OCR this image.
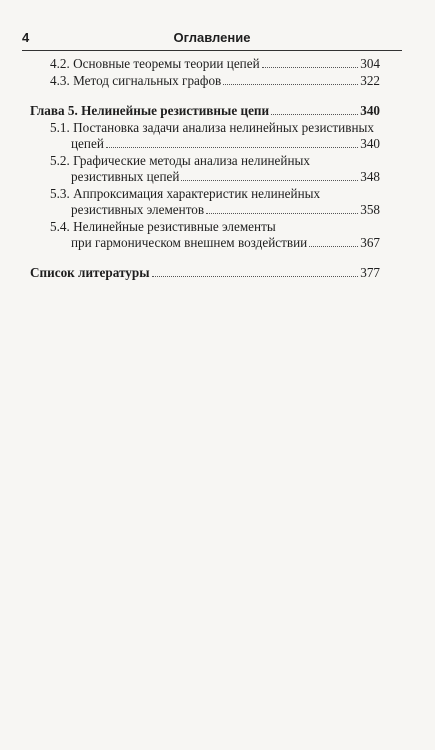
4	Оглавление
4.2. Основные теоремы теории цепей	304
4.3. Метод сигнальных графов	322
Глава 5. Нелинейные резистивные цепи	340
5.1. Постановка задачи анализа нелинейных резистивных
цепей	340
5.2. Графические методы анализа нелинейных
резистивных цепей	348
5.3. Аппроксимация характеристик нелинейных
резистивных элементов	358
5.4. Нелинейные резистивные элементы
при гармоническом внешнем воздействии	367
Список литературы	377
